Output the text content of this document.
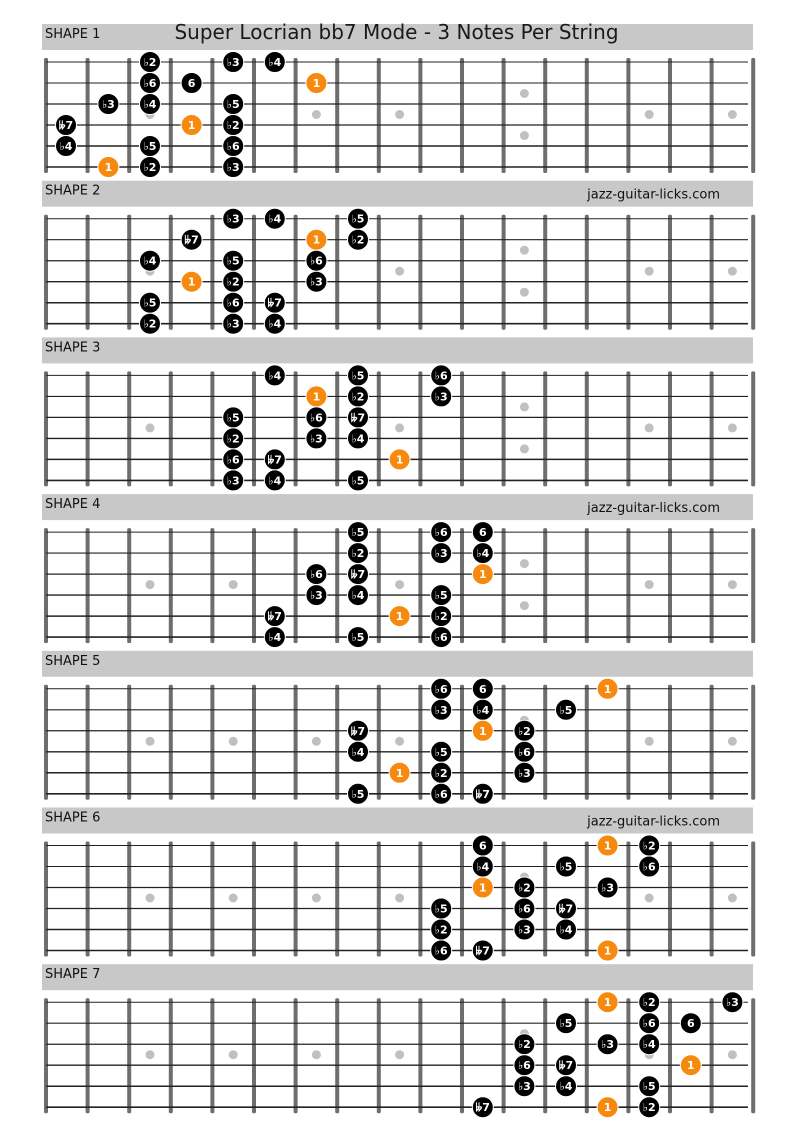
SHAPE 1
♭2	♭3	♭4
♭6	6	1
♭3	♭4	♭5
𝄫7	1	♭2
♭4	♭5	♭6
1	♭2	♭3
SHAPE 2	jazz-guitar-licks.com
♭3	♭4	♭5
𝄫7	1	♭2
♭4	♭5	♭6
1	♭2	♭3
♭5	♭6	𝄫7
♭2	♭3	♭4
SHAPE 3
♭4	♭5	♭6
1	♭2	♭3
♭5	♭6	𝄫7
♭2	♭3	♭4
♭6	𝄫7	1
♭3	♭4	♭5
SHAPE 4	jazz-guitar-licks.com
♭5	♭6	6
♭2	♭3	♭4
♭6	𝄫7	1
♭3	♭4	♭5
𝄫7	1	♭2
♭4	♭5	♭6
SHAPE 5
♭6	6	1
♭3	♭4	♭5
𝄫7	1	♭2
♭4	♭5	♭6
1	♭2	♭3
♭5	♭6	𝄫7
SHAPE 6	jazz-guitar-licks.com
6	1	♭2
♭4	♭5	♭6
1	♭2	♭3
♭5	♭6	𝄫7
♭2	♭3	♭4
♭6	𝄫7	1
SHAPE 7
1	♭2	♭3
♭5	♭6	6
♭2	♭3	♭4
♭6	𝄫7	1
♭3	♭4	♭5
𝄫7	1	♭2
Super Locrian bb7 Mode - 3 Notes Per String
